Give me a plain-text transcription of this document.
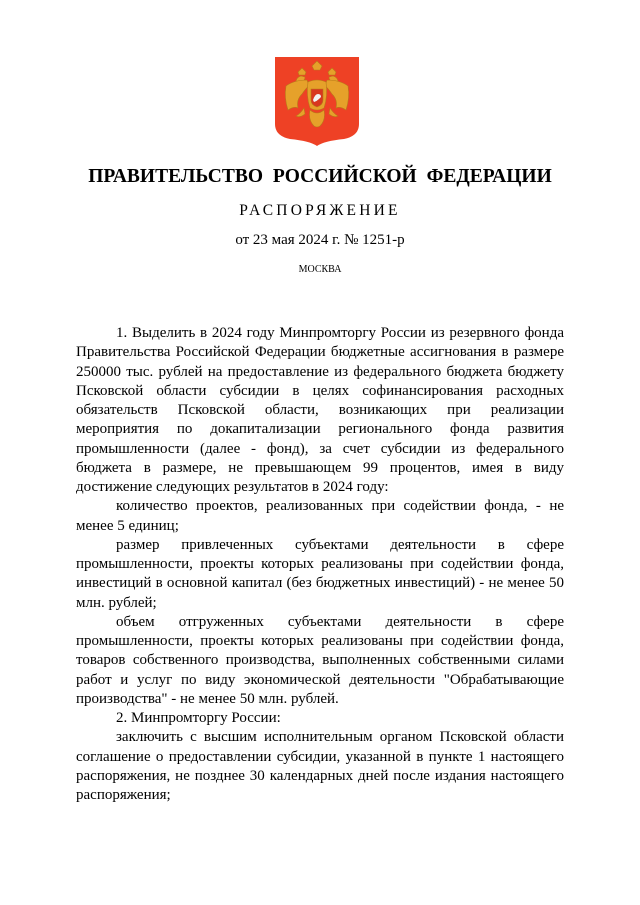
ПРАВИТЕЛЬСТВО РОССИЙСКОЙ ФЕДЕРАЦИИ
РАСПОРЯЖЕНИЕ
от 23 мая 2024 г. № 1251-р
МОСКВА

1. Выделить в 2024 году Минпромторгу России из резервного фонда Правительства Российской Федерации бюджетные ассигнования в размере 250000 тыс. рублей на предоставление из федерального бюджета бюджету Псковской области субсидии в целях софинансирования расходных обязательств Псковской области, возникающих при реализации мероприятия по докапитализации регионального фонда развития промышленности (далее - фонд), за счет субсидии из федерального бюджета в размере, не превышающем 99 процентов, имея в виду достижение следующих результатов в 2024 году:

количество проектов, реализованных при содействии фонда, - не менее 5 единиц;

размер привлеченных субъектами деятельности в сфере промышленности, проекты которых реализованы при содействии фонда, инвестиций в основной капитал (без бюджетных инвестиций) - не менее 50 млн. рублей;

объем отгруженных субъектами деятельности в сфере промышленности, проекты которых реализованы при содействии фонда, товаров собственного производства, выполненных собственными силами работ и услуг по виду экономической деятельности "Обрабатывающие производства" - не менее 50 млн. рублей.

2. Минпромторгу России:

заключить с высшим исполнительным органом Псковской области соглашение о предоставлении субсидии, указанной в пункте 1 настоящего распоряжения, не позднее 30 календарных дней после издания настоящего распоряжения;
